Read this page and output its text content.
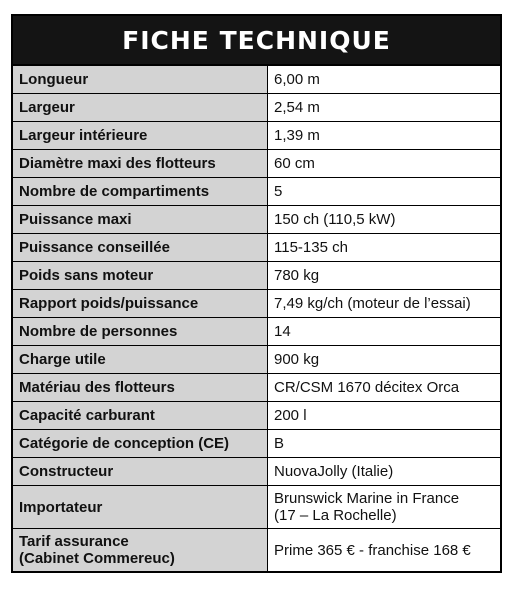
FICHE TECHNIQUE
Longueur	6,00 m
Largeur	2,54 m
Largeur intérieure	1,39 m
Diamètre maxi des flotteurs	60 cm
Nombre de compartiments	5
Puissance maxi	150 ch (110,5 kW)
Puissance conseillée	115-135 ch
Poids sans moteur	780 kg
Rapport poids/puissance	7,49 kg/ch (moteur de l’essai)
Nombre de personnes	14
Charge utile	900 kg
Matériau des flotteurs	CR/CSM 1670 décitex Orca
Capacité carburant	200 l
Catégorie de conception (CE)	B
Constructeur	NuovaJolly (Italie)
Importateur	Brunswick Marine in France
(17 – La Rochelle)

Tarif assurance
(Cabinet Commereuc)	Prime 365 € - franchise 168 €
